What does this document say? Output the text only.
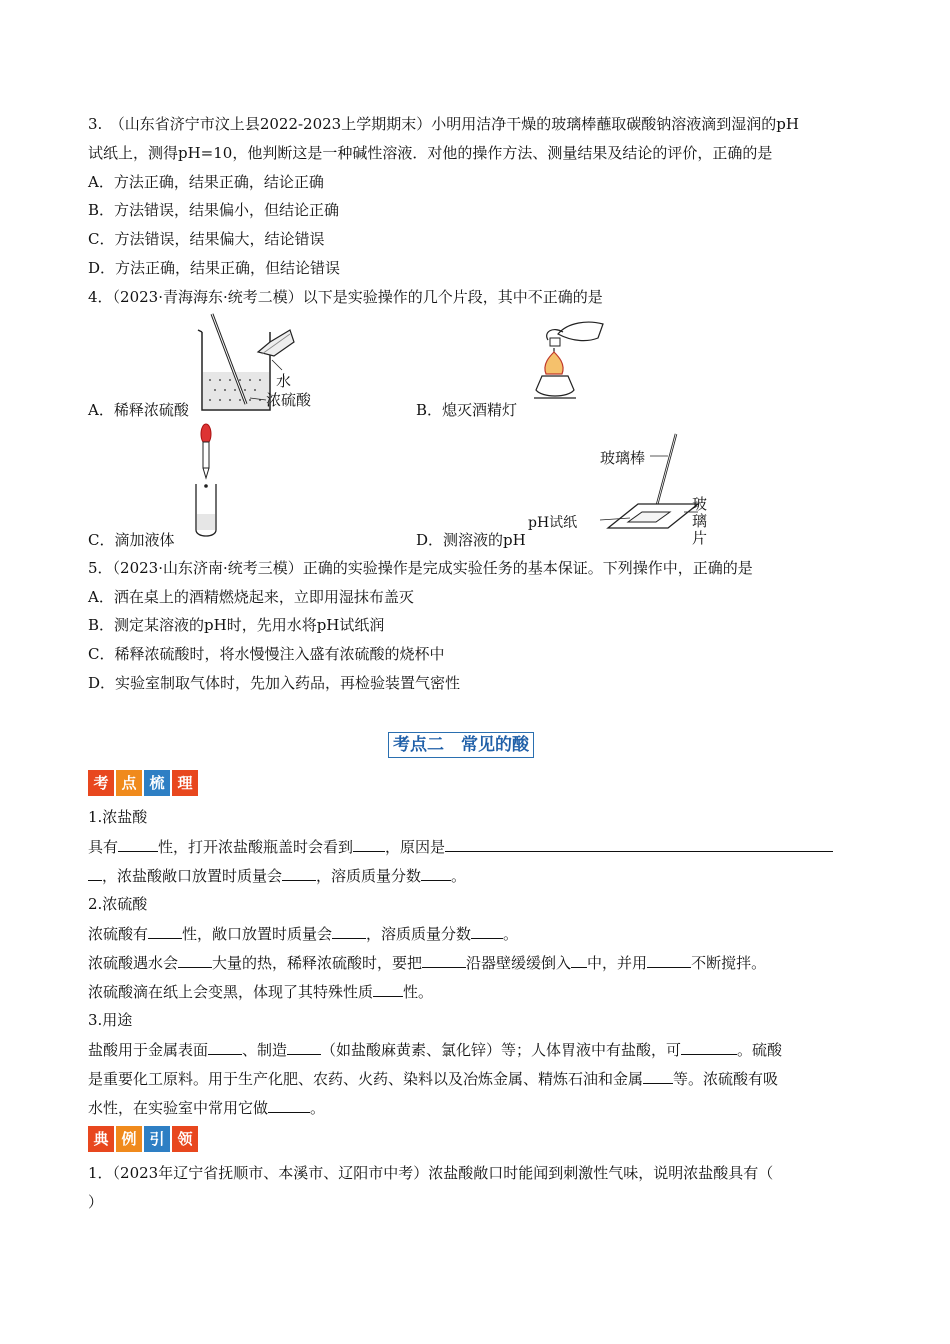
3.　（山东省济宁市汶上县2022-2023上学期期末）小明用洁净干燥的玻璃棒蘸取碳酸钠溶液滴到湿润的pH
试纸上，测得pH=10，他判断这是一种碱性溶液．对他的操作方法、测量结果及结论的评价，正确的是
A．方法正确，结果正确，结论正确
B．方法错误，结果偏小，但结论正确
C．方法错误，结果偏大，结论错误
D．方法正确，结果正确，但结论错误
4．（2023·青海海东·统考二模）以下是实验操作的几个片段，其中不正确的是
水
浓硫酸
A．稀释浓硫酸	B．熄灭酒精灯
C．滴加液体
玻璃棒
pH试纸
玻
璃
片
D．测溶液的pH
5．（2023·山东济南·统考三模）正确的实验操作是完成实验任务的基本保证。下列操作中，正确的是
A．洒在桌上的酒精燃烧起来，立即用湿抹布盖灭
B．测定某溶液的pH时，先用水将pH试纸润
C．稀释浓硫酸时，将水慢慢注入盛有浓硫酸的烧杯中
D．实验室制取气体时，先加入药品，再检验装置气密性
考点二　常见的酸
考 点 梳 理
1.浓盐酸
具有	性，打开浓盐酸瓶盖时会看到 ，原因是
，浓盐酸敞口放置时质量会 ，溶质质量分数 。
2.浓硫酸
浓硫酸有 性，敞口放置时质量会 ，溶质质量分数 。
浓硫酸遇水会 大量的热，稀释浓硫酸时，要把	沿器壁缓缓倒入 中，并用	不断搅拌。
浓硫酸滴在纸上会变黑，体现了其特殊性质 性。
3.用途
盐酸用于金属表面 、制造 （如盐酸麻黄素、氯化锌）等；人体胃液中有盐酸，可	。硫酸
是重要化工原料。用于生产化肥、农药、火药、染料以及冶炼金属、精炼石油和金属 等。浓硫酸有吸
水性，在实验室中常用它做	。
典 例 引 领
1．（2023年辽宁省抚顺市、本溪市、辽阳市中考）浓盐酸敞口时能闻到刺激性气味，说明浓盐酸具有（
）
